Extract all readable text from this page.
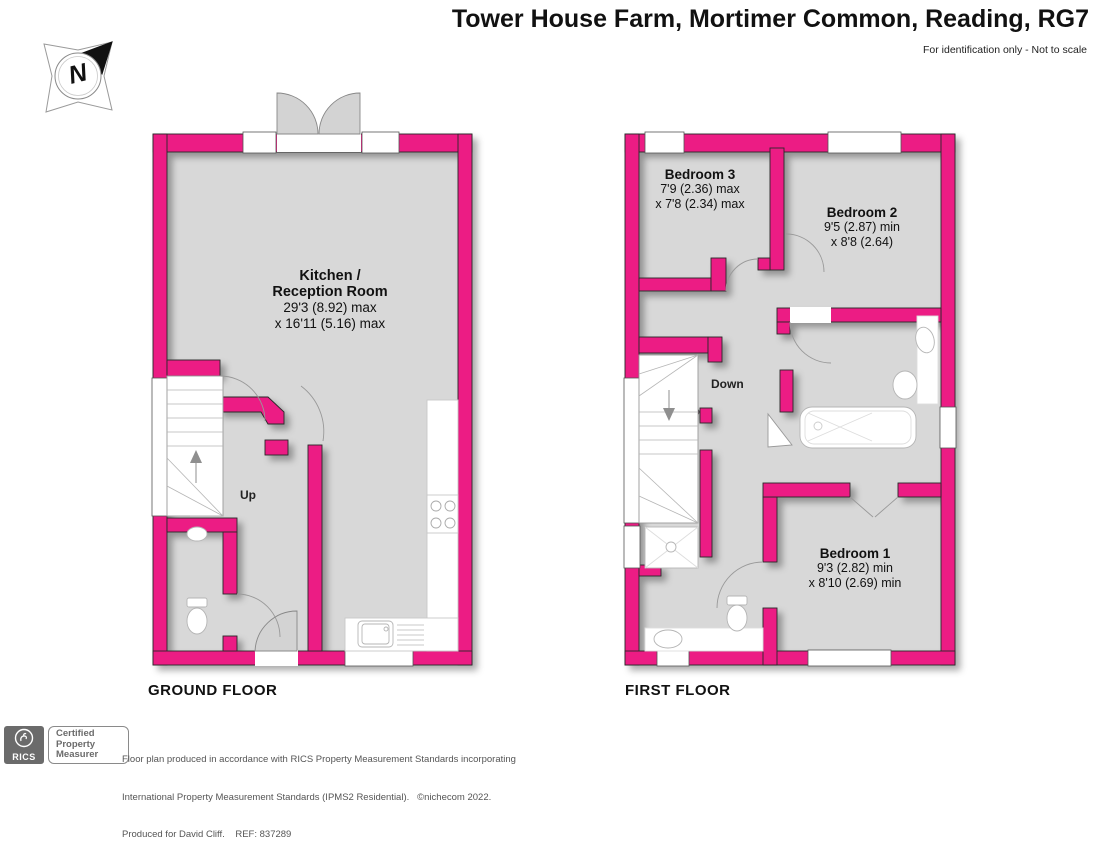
Tower House Farm, Mortimer Common, Reading, RG7
For identification only - Not to scale
N
Kitchen /
Reception Room
29'3 (8.92) max
x 16'11 (5.16) max
Up
GROUND FLOOR
Bedroom 3
7'9 (2.36) max
x 7'8 (2.34) max
Bedroom 2
9'5 (2.87) min
x 8'8 (2.64)
Bedroom 1
9'3 (2.82) min
x 8'10 (2.69) min
Down
FIRST FLOOR
RICS
Certified
Property
Measurer

	Floor plan produced in accordance with RICS Property Measurement Standards incorporating

International Property Measurement Standards (IPMS2 Residential).   ©nichecom 2022.

Produced for David Cliff.    REF: 837289
